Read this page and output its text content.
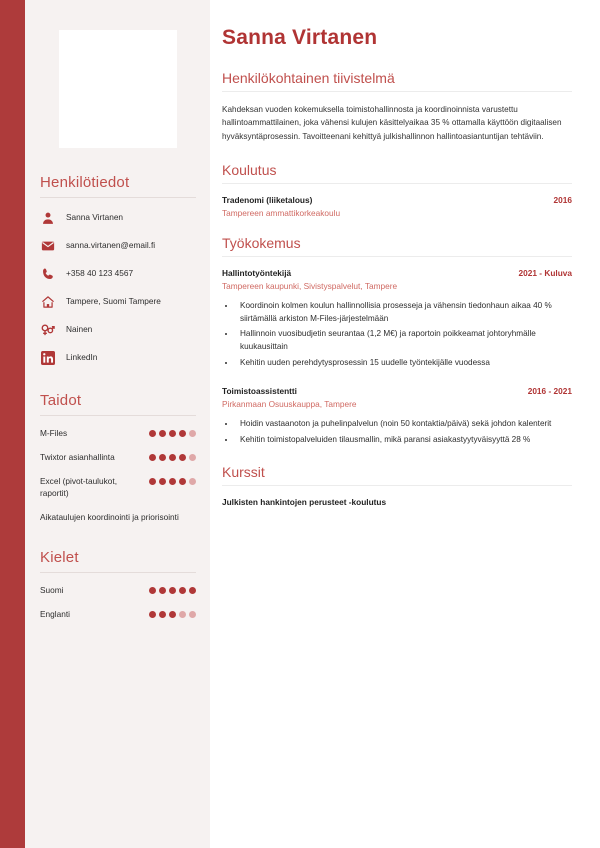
Henkilötiedot
Sanna Virtanen
sanna.virtanen@email.fi
+358 40 123 4567
Tampere, Suomi Tampere
Nainen
LinkedIn
Taidot
M-Files
Twixtor asianhallinta
Excel (pivot-taulukot, raportit)
Aikataulujen koordinointi ja priorisointi
Kielet
Suomi
Englanti
Sanna Virtanen
Henkilökohtainen tiivistelmä

Kahdeksan vuoden kokemuksella toimistohallinnosta ja koordinoinnista varustettu hallintoammattilainen, joka vähensi kulujen käsittelyaikaa 35 % ottamalla käyttöön digitaalisen hyväksyntäprosessin. Tavoitteenani kehittyä julkishallinnon hallintoasiantuntijan tehtäviin.

Koulutus
Tradenomi (liiketalous)	2016
Tampereen ammattikorkeakoulu
Työkokemus
Hallintotyöntekijä	2021 - Kuluva
Tampereen kaupunki, Sivistyspalvelut, Tampere
• Koordinoin kolmen koulun hallinnollisia prosesseja ja vähensin tiedonhaun aikaa 40 % siirtämällä arkiston M-Files-järjestelmään
• Hallinnoin vuosibudjetin seurantaa (1,2 M€) ja raportoin poikkeamat johtoryhmälle kuukausittain
• Kehitin uuden perehdytysprosessin 15 uudelle työntekijälle vuodessa
Toimistoassistentti	2016 - 2021
Pirkanmaan Osuuskauppa, Tampere
• Hoidin vastaanoton ja puhelinpalvelun (noin 50 kontaktia/päivä) sekä johdon kalenterit
• Kehitin toimistopalveluiden tilausmallin, mikä paransi asiakastyytyväisyyttä 28 %
Kurssit
Julkisten hankintojen perusteet -koulutus
